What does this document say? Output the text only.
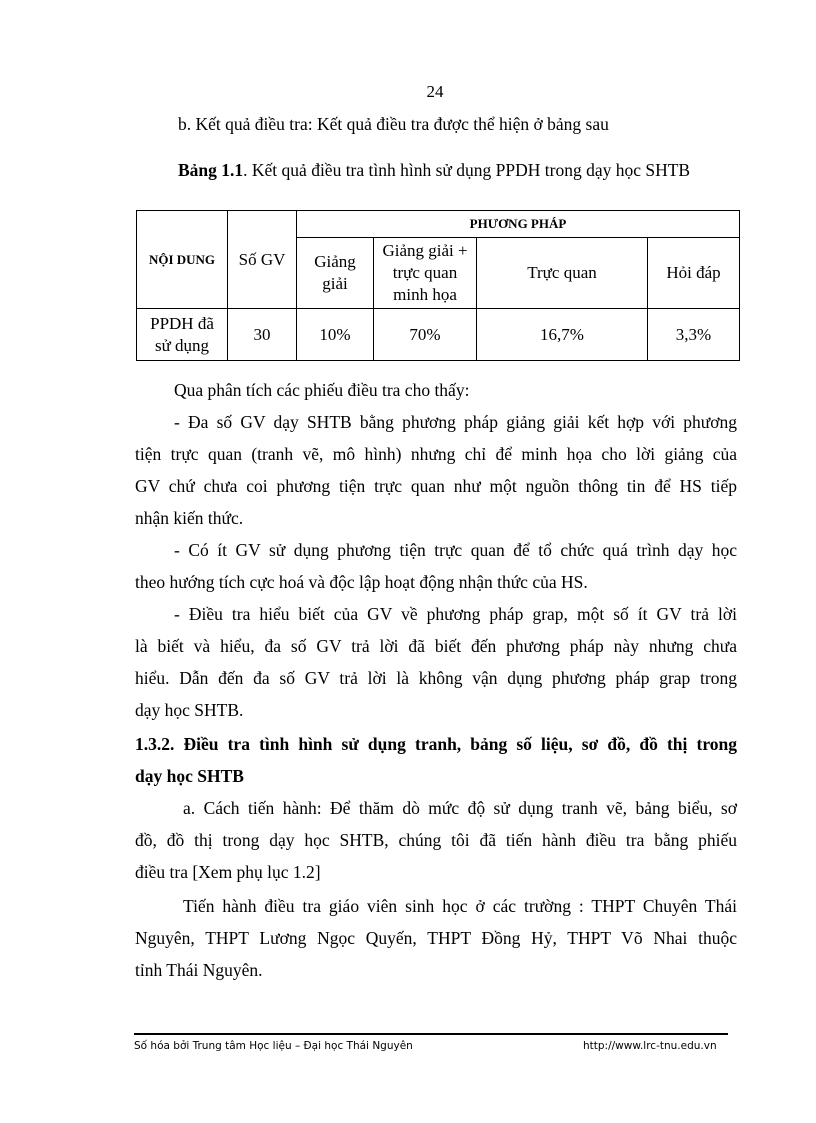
24
b. Kết quả điều tra: Kết quả điều tra được thể hiện ở bảng sau
Bảng 1.1. Kết quả điều tra tình hình sử dụng PPDH trong dạy học SHTB
NỘI DUNG	Số GV	PHƯƠNG PHÁP			
		Giảng giải	Giảng giải + trực quan minh họa	Trực quan	Hỏi đáp
PPDH đã sử dụng	30	10%	70%	16,7%	3,3%
Qua phân tích các phiếu điều tra cho thấy:
- Đa số GV dạy SHTB bằng phương pháp giảng giải kết hợp với phương
tiện trực quan (tranh vẽ, mô hình) nhưng chỉ để minh họa cho lời giảng của
GV chứ chưa coi phương tiện trực quan như một nguồn thông tin để HS tiếp
nhận kiến thức.
- Có ít GV sử dụng phương tiện trực quan để tổ chức quá trình dạy học
theo hướng tích cực hoá và độc lập hoạt động nhận thức của HS.
- Điều tra hiểu biết của GV về phương pháp grap, một số ít GV trả lời
là biết và hiểu, đa số GV trả lời đã biết đến phương pháp này nhưng chưa
hiểu. Dẫn đến đa số GV trả lời là không vận dụng phương pháp grap trong
dạy học SHTB.
1.3.2. Điều tra tình hình sử dụng tranh, bảng số liệu, sơ đồ, đồ thị trong
dạy học SHTB
a. Cách tiến hành: Để thăm dò mức độ sử dụng tranh vẽ, bảng biểu, sơ
đồ, đồ thị trong dạy học SHTB, chúng tôi đã tiến hành điều tra bằng phiếu
điều tra [Xem phụ lục 1.2]
Tiến hành điều tra giáo viên sinh học ở các trường : THPT Chuyên Thái
Nguyên, THPT Lương Ngọc Quyến, THPT Đồng Hỷ, THPT Võ Nhai thuộc
tỉnh Thái Nguyên.
Số hóa bởi Trung tâm Học liệu – Đại học Thái Nguyên	http://www.lrc-tnu.edu.vn
